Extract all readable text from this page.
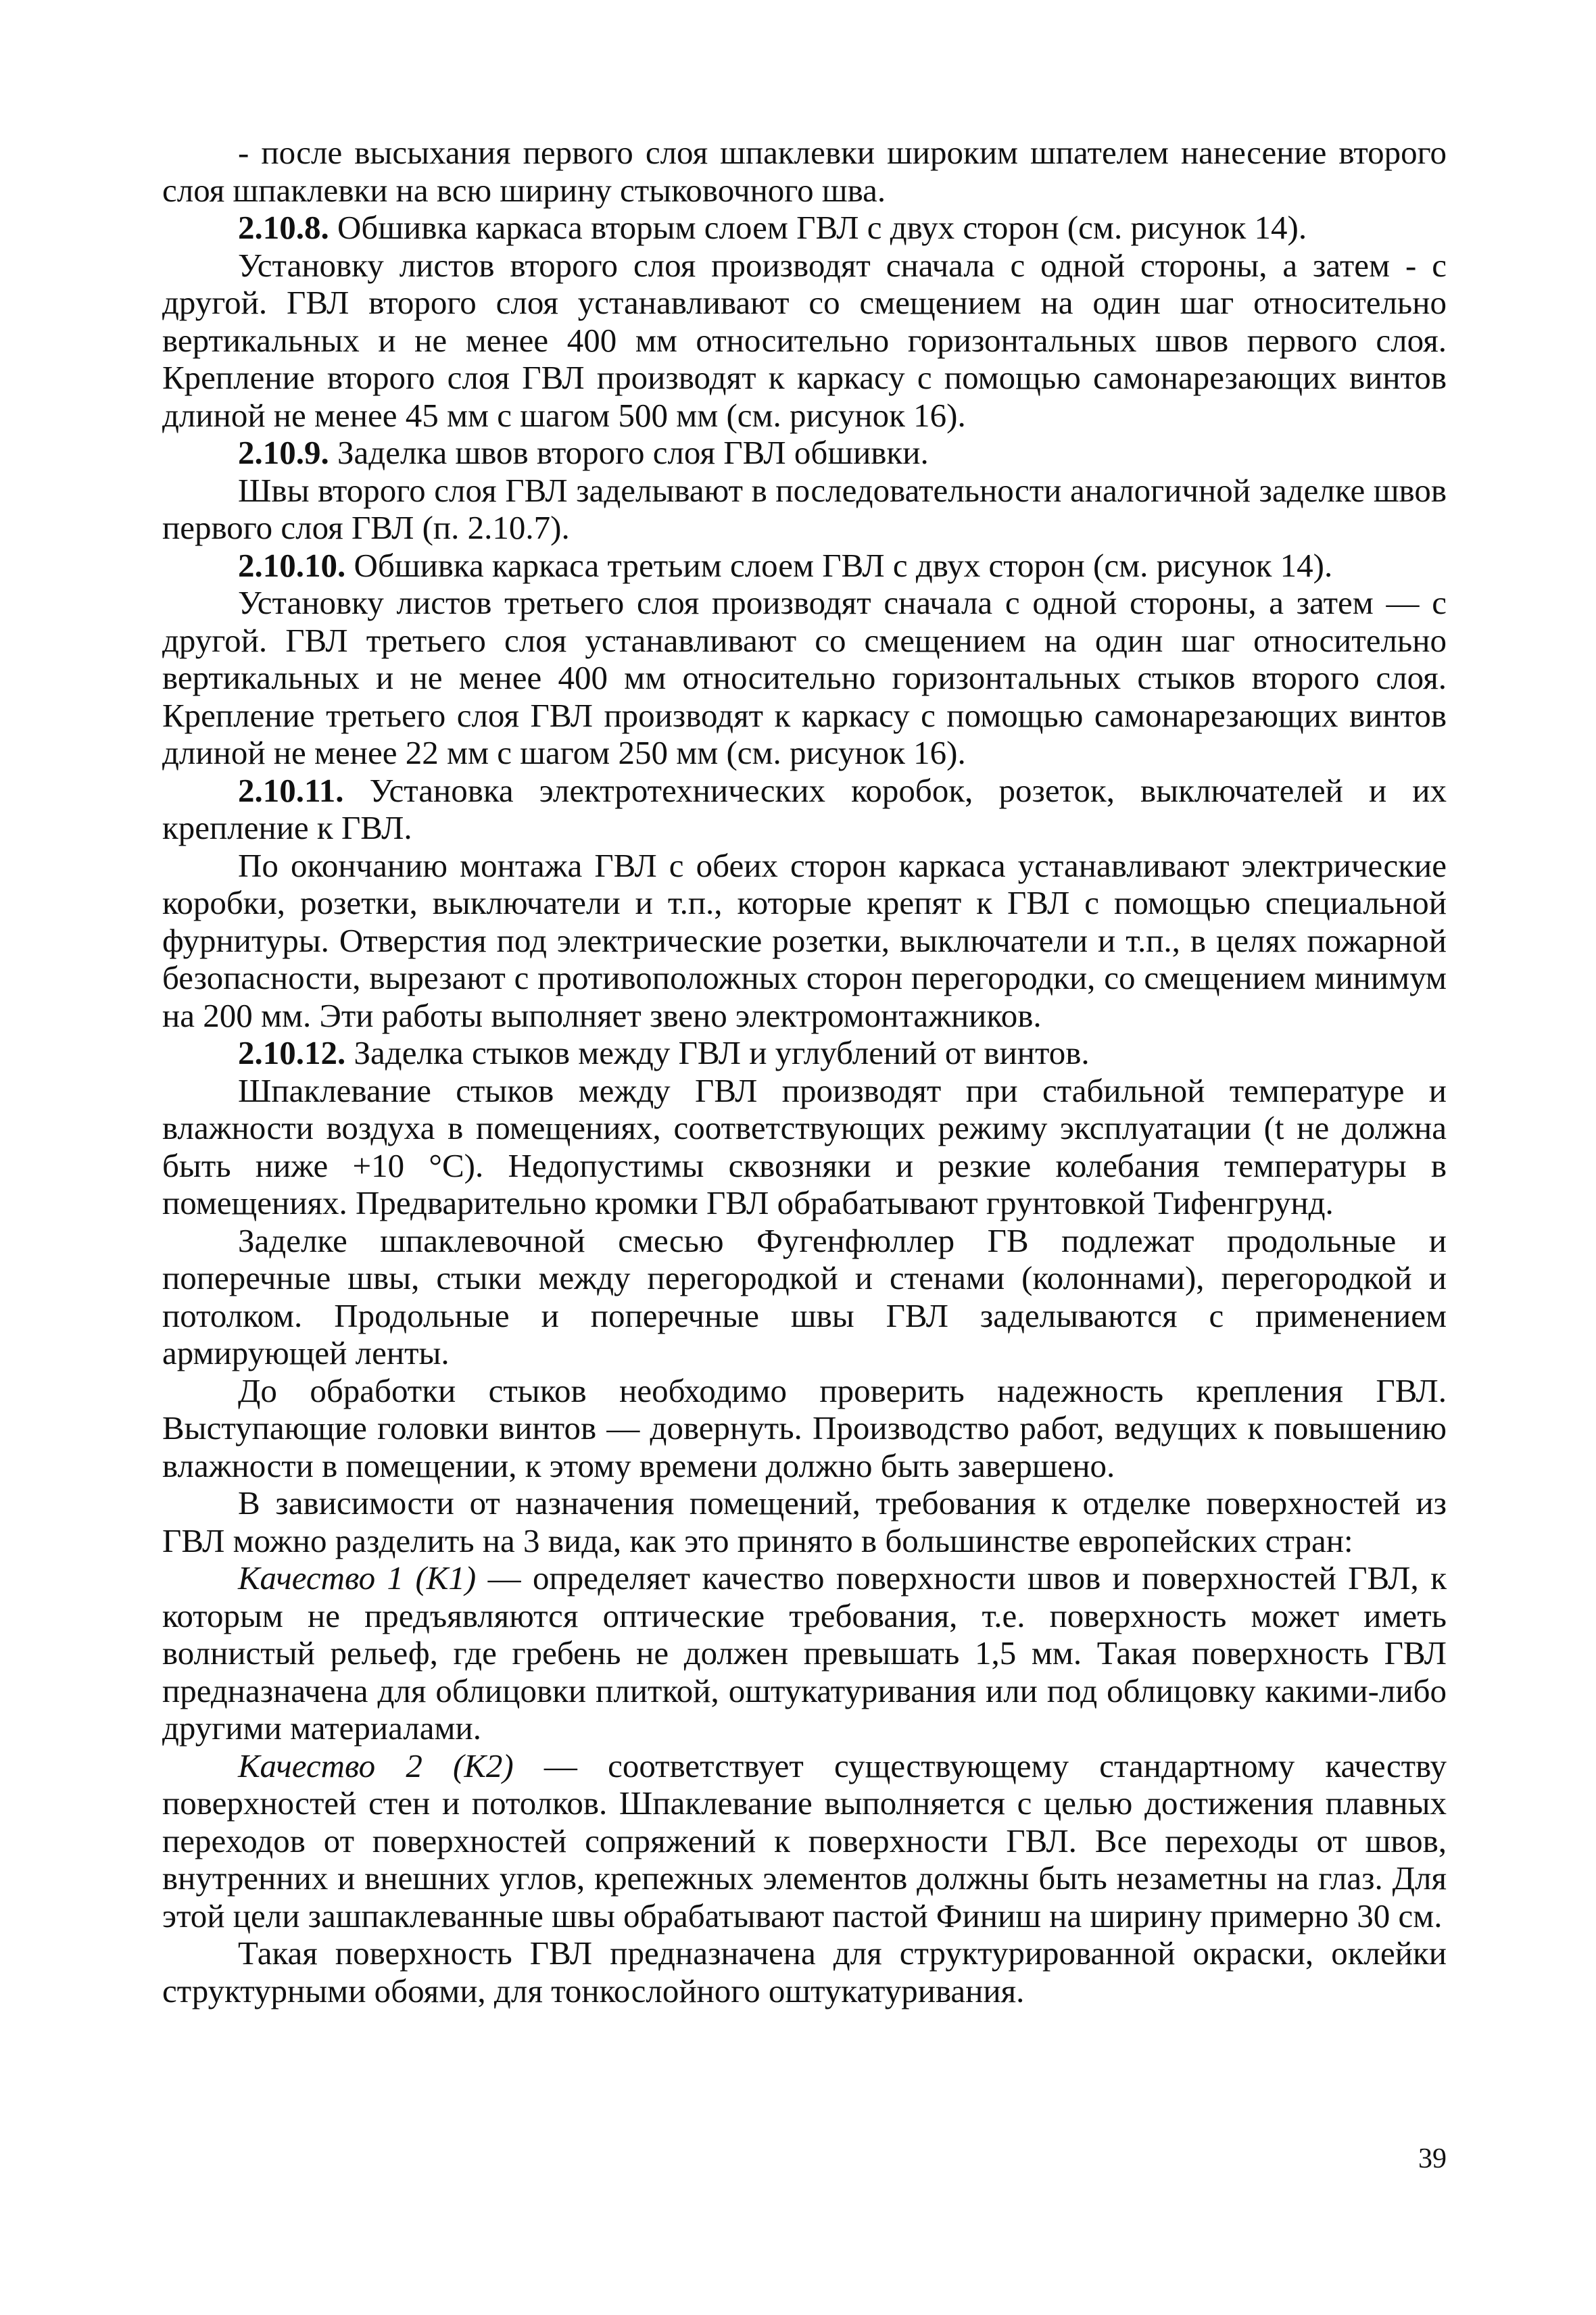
- после высыхания первого слоя шпаклевки широким шпателем нанесение второго слоя шпаклевки на всю ширину стыковочного шва.

2.10.8. Обшивка каркаса вторым слоем ГВЛ с двух сторон (см. рисунок 14).

Установку листов второго слоя производят сначала с одной стороны, а затем - с другой. ГВЛ второго слоя устанавливают со смещением на один шаг относительно вертикальных и не менее 400 мм относительно горизонтальных швов первого слоя. Крепление второго слоя ГВЛ производят к каркасу с помощью самонарезающих винтов длиной не менее 45 мм с шагом 500 мм (см. рисунок 16).

2.10.9. Заделка швов второго слоя ГВЛ обшивки.

Швы второго слоя ГВЛ заделывают в последовательности аналогичной заделке швов первого слоя ГВЛ (п. 2.10.7).

2.10.10. Обшивка каркаса третьим слоем ГВЛ с двух сторон (см. рисунок 14).

Установку листов третьего слоя производят сначала с одной стороны, а затем — с другой. ГВЛ третьего слоя устанавливают со смещением на один шаг относительно вертикальных и не менее 400 мм относительно горизонтальных стыков второго слоя. Крепление третьего слоя ГВЛ производят к каркасу с помощью самонарезающих винтов длиной не менее 22 мм с шагом 250 мм (см. рисунок 16).

2.10.11. Установка электротехнических коробок, розеток, выключателей и их крепление к ГВЛ.

По окончанию монтажа ГВЛ с обеих сторон каркаса устанавливают электрические коробки, розетки, выключатели и т.п., которые крепят к ГВЛ с помощью специальной фурнитуры. Отверстия под электрические розетки, выключатели и т.п., в целях пожарной безопасности, вырезают с противоположных сторон перегородки, со смещением минимум на 200 мм. Эти работы выполняет звено электромонтажников.

2.10.12. Заделка стыков между ГВЛ и углублений от винтов.

Шпаклевание стыков между ГВЛ производят при стабильной температуре и влажности воздуха в помещениях, соответствующих режиму эксплуатации (t не должна быть ниже +10 °С). Недопустимы сквозняки и резкие колебания температуры в помещениях. Предварительно кромки ГВЛ обрабатывают грунтовкой Тифенгрунд.

Заделке шпаклевочной смесью Фугенфюллер ГВ подлежат продольные и поперечные швы, стыки между перегородкой и стенами (колоннами), перегородкой и потолком. Продольные и поперечные швы ГВЛ заделываются с применением армирующей ленты.

До обработки стыков необходимо проверить надежность крепления ГВЛ. Выступающие головки винтов — довернуть. Производство работ, ведущих к повышению влажности в помещении, к этому времени должно быть завершено.

В зависимости от назначения помещений, требования к отделке поверхностей из ГВЛ можно разделить на 3 вида, как это принято в большинстве европейских стран:

Качество 1 (К1) — определяет качество поверхности швов и поверхностей ГВЛ, к которым не предъявляются оптические требования, т.е. поверхность может иметь волнистый рельеф, где гребень не должен превышать 1,5 мм. Такая поверхность ГВЛ предназначена для облицовки плиткой, оштукатуривания или под облицовку какими-либо другими материалами.

Качество 2 (К2) — соответствует существующему стандартному качеству поверхностей стен и потолков. Шпаклевание выполняется с целью достижения плавных переходов от поверхностей сопряжений к поверхности ГВЛ. Все переходы от швов, внутренних и внешних углов, крепежных элементов должны быть незаметны на глаз. Для этой цели зашпаклеванные швы обрабатывают пастой Финиш на ширину примерно 30 см.

Такая поверхность ГВЛ предназначена для структурированной окраски, оклейки структурными обоями, для тонкослойного оштукатуривания.

39
